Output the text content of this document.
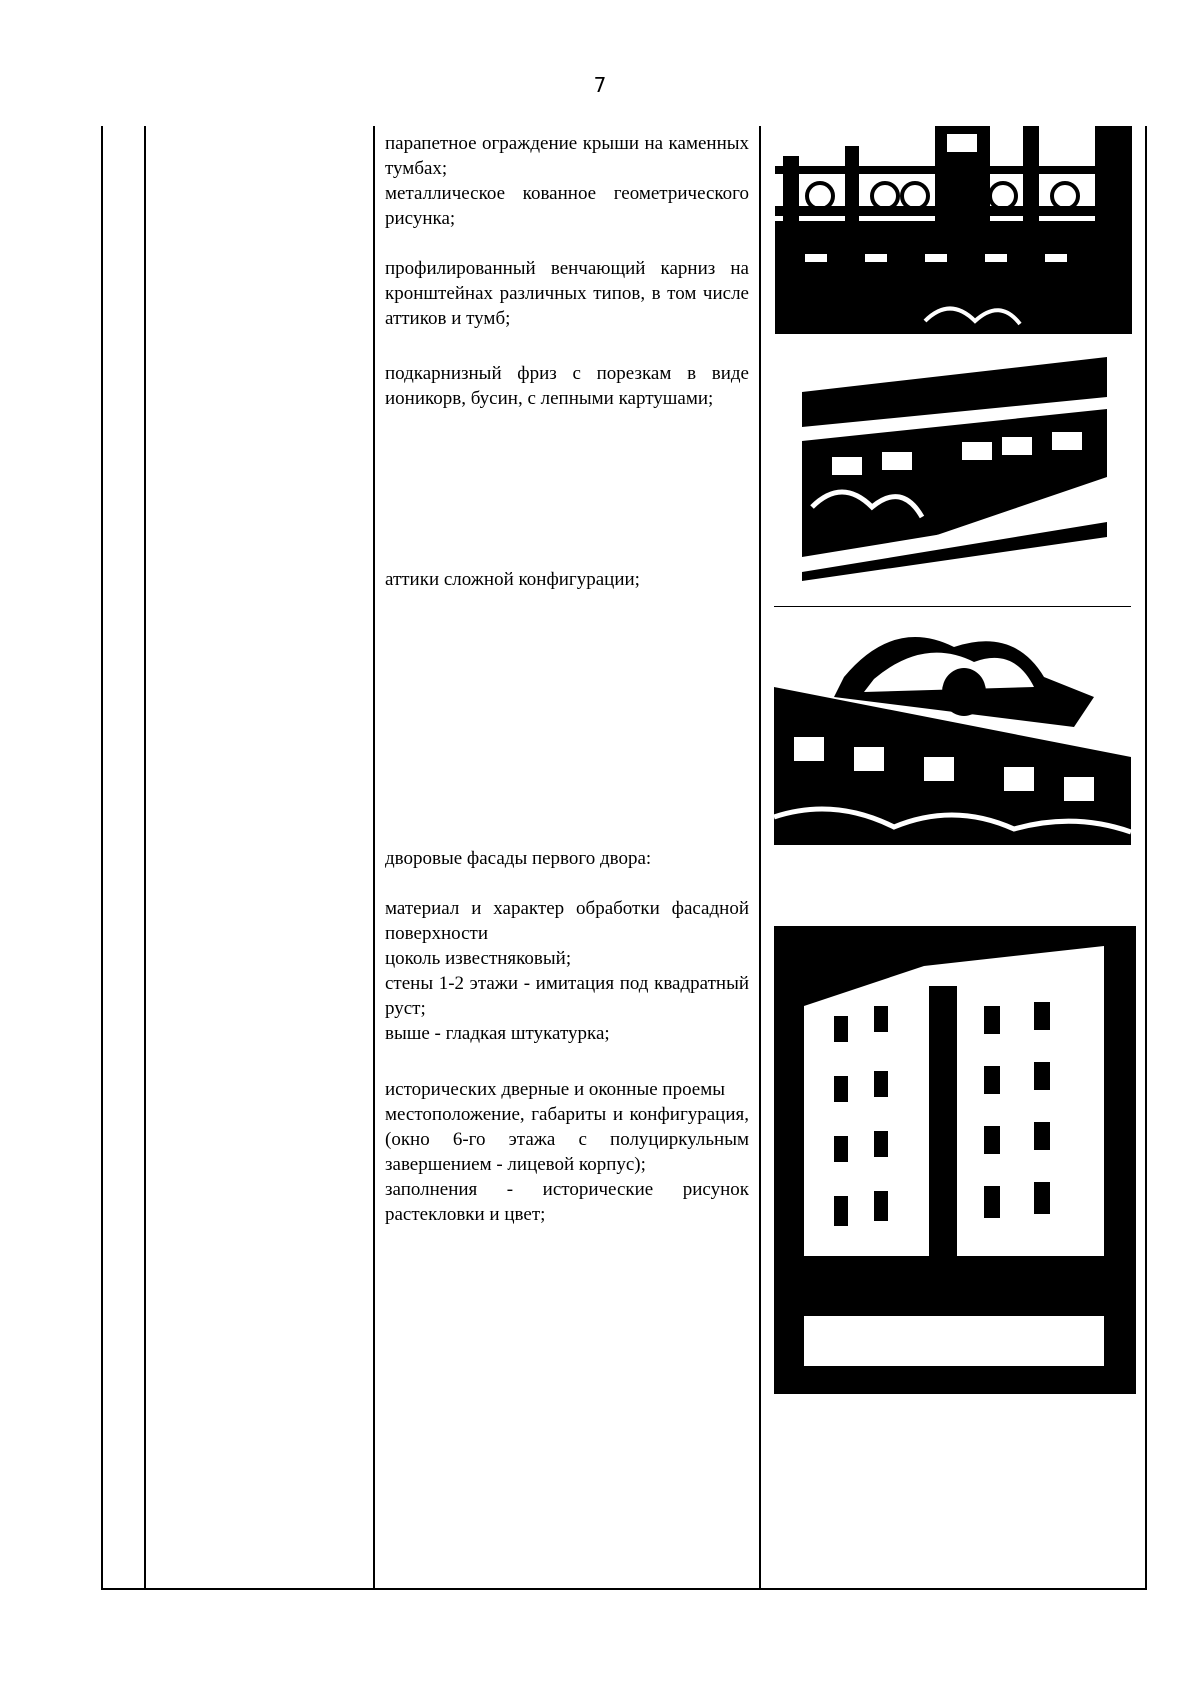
7

парапетное ограждение крыши на каменных тумбах;

металлическое кованное геометрического рисунка;

профилированный венчающий карниз на кронштейнах различных типов, в том числе аттиков и тумб;

подкарнизный фриз с порезкам в виде ионикорв, бусин, с лепными картушами;

аттики сложной конфигурации;

дворовые фасады первого двора:

материал и характер обработки фасадной поверхности

цоколь известняковый;

стены 1-2 этажи - имитация под квадратный руст;

выше - гладкая штукатурка;

исторических дверные и оконные проемы

местоположение, габариты и конфигурация, (окно 6-го этажа с полуциркульным завершением - лицевой корпус);

заполнения - исторические рисунок растекловки и цвет;
